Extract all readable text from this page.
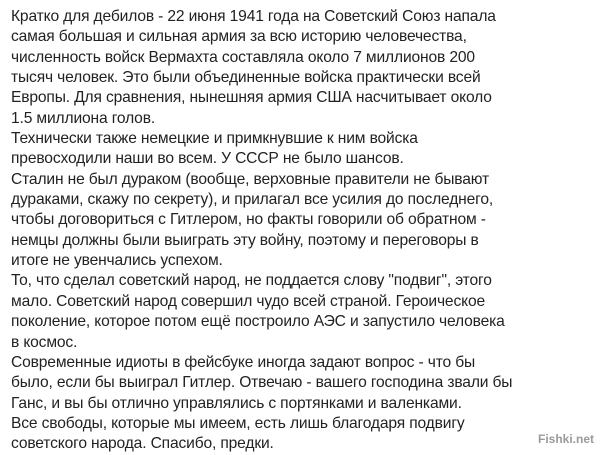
Кратко для дебилов - 22 июня 1941 года на Советский Союз напала
самая большая и сильная армия за всю историю человечества,
численность войск Вермахта составляла около 7 миллионов 200
тысяч человек. Это были объединенные войска практически всей
Европы. Для сравнения, нынешняя армия США насчитывает около
1.5 миллиона голов.
Технически также немецкие и примкнувшие к ним войска
превосходили наши во всем. У СССР не было шансов.
Сталин не был дураком (вообще, верховные правители не бывают
дураками, скажу по секрету), и прилагал все усилия до последнего,
чтобы договориться с Гитлером, но факты говорили об обратном -
немцы должны были выиграть эту войну, поэтому и переговоры в
итоге не увенчались успехом.
То, что сделал советский народ, не поддается слову "подвиг", этого
мало. Советский народ совершил чудо всей страной. Героическое
поколение, которое потом ещё построило АЭС и запустило человека
в космос.
Современные идиоты в фейсбуке иногда задают вопрос - что бы
было, если бы выиграл Гитлер. Отвечаю - вашего господина звали бы
Ганс, и вы бы отлично управлялись с портянками и валенками.
Все свободы, которые мы имеем, есть лишь благодаря подвигу
советского народа. Спасибо, предки.	Fishki.net
